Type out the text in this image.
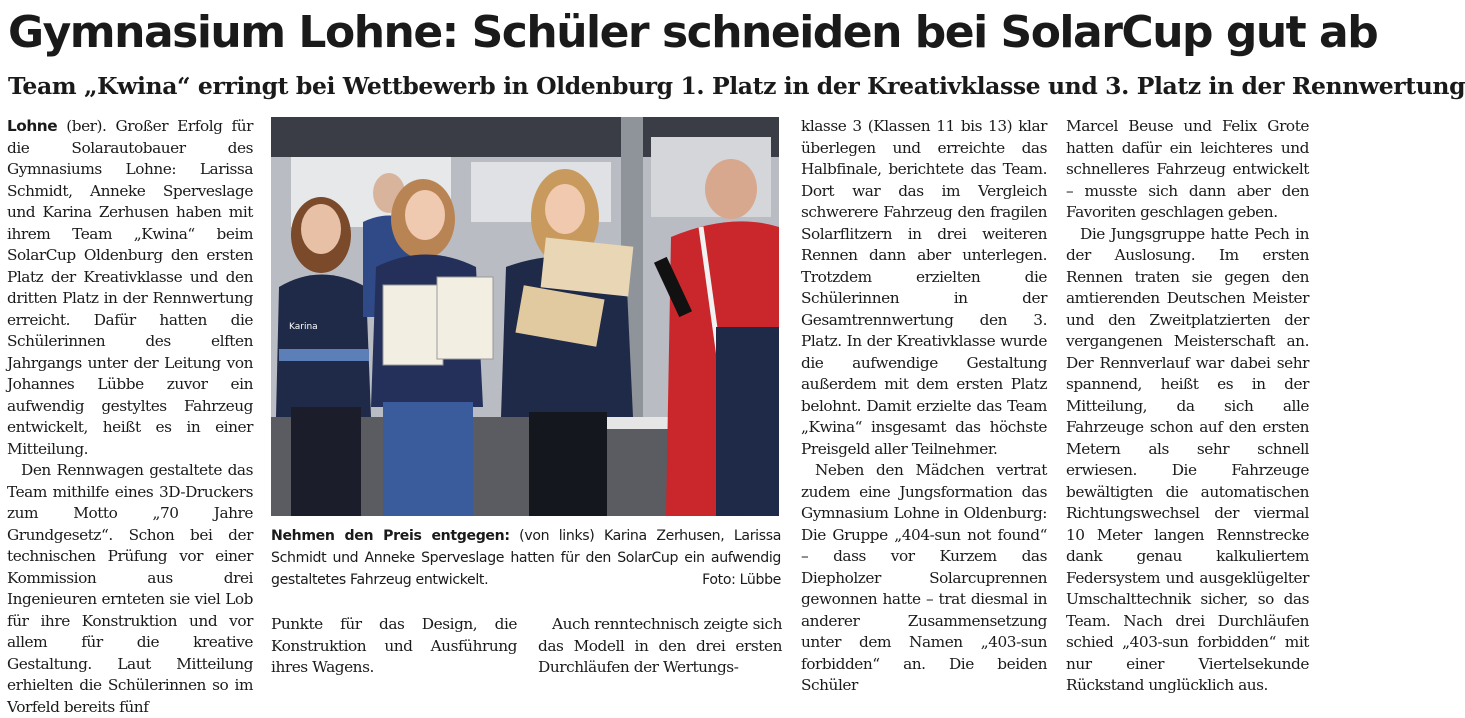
Gymnasium Lohne: Schüler schneiden bei SolarCup gut ab
Team „Kwina“ erringt bei Wettbewerb in Oldenburg 1. Platz in der Kreativklasse und 3. Platz in der Rennwertung

Lohne (ber). Großer Erfolg für die Solarautobauer des Gymnasiums Lohne: Larissa Schmidt, Anneke Sperveslage und Karina Zerhusen haben mit ihrem Team „Kwina“ beim SolarCup Oldenburg den ersten Platz der Kreativklasse und den dritten Platz in der Rennwertung erreicht. Dafür hatten die Schülerinnen des elften Jahrgangs unter der Leitung von Johannes Lübbe zuvor ein aufwendig gestyltes Fahrzeug entwickelt, heißt es in einer Mitteilung.

Den Rennwagen gestaltete das Team mithilfe eines 3D-Druckers zum Motto „70 Jahre Grundgesetz“. Schon bei der technischen Prüfung vor einer Kommission aus drei Ingenieuren ernteten sie viel Lob für ihre Konstruktion und vor allem für die kreative Gestaltung. Laut Mitteilung erhielten die Schülerinnen so im Vorfeld bereits fünf

Karina
Nehmen den Preis entgegen: (von links) Karina Zerhusen, Larissa Schmidt und Anneke Sperveslage hatten für den SolarCup ein aufwendig gestaltetes Fahrzeug entwickelt.	Foto: Lübbe

Punkte für das Design, die Konstruktion und Ausführung ihres Wagens.

Auch renntechnisch zeigte sich das Modell in den drei ersten Durchläufen der Wertungs-

klasse 3 (Klassen 11 bis 13) klar überlegen und erreichte das Halbfinale, berichtete das Team. Dort war das im Vergleich schwerere Fahrzeug den fragilen Solarflitzern in drei weiteren Rennen dann aber unterlegen. Trotzdem erzielten die Schülerinnen in der Gesamtrennwertung den 3. Platz. In der Kreativklasse wurde die aufwendige Gestaltung außerdem mit dem ersten Platz belohnt. Damit erzielte das Team „Kwina“ insgesamt das höchste Preisgeld aller Teilnehmer.

Neben den Mädchen vertrat zudem eine Jungsformation das Gymnasium Lohne in Oldenburg: Die Gruppe „404-sun not found“ – dass vor Kurzem das Diepholzer Solarcuprennen gewonnen hatte – trat diesmal in anderer Zusammensetzung unter dem Namen „403-sun forbidden“ an. Die beiden Schüler

Marcel Beuse und Felix Grote hatten dafür ein leichteres und schnelleres Fahrzeug entwickelt – musste sich dann aber den Favoriten geschlagen geben.

Die Jungsgruppe hatte Pech in der Auslosung. Im ersten Rennen traten sie gegen den amtierenden Deutschen Meister und den Zweitplatzierten der vergangenen Meisterschaft an. Der Rennverlauf war dabei sehr spannend, heißt es in der Mitteilung, da sich alle Fahrzeuge schon auf den ersten Metern als sehr schnell erwiesen. Die Fahrzeuge bewältigten die automatischen Richtungswechsel der viermal 10 Meter langen Rennstrecke dank genau kalkuliertem Federsystem und ausgeklügelter Umschalttechnik sicher, so das Team. Nach drei Durchläufen schied „403-sun forbidden“ mit nur einer Viertelsekunde Rückstand unglücklich aus.
